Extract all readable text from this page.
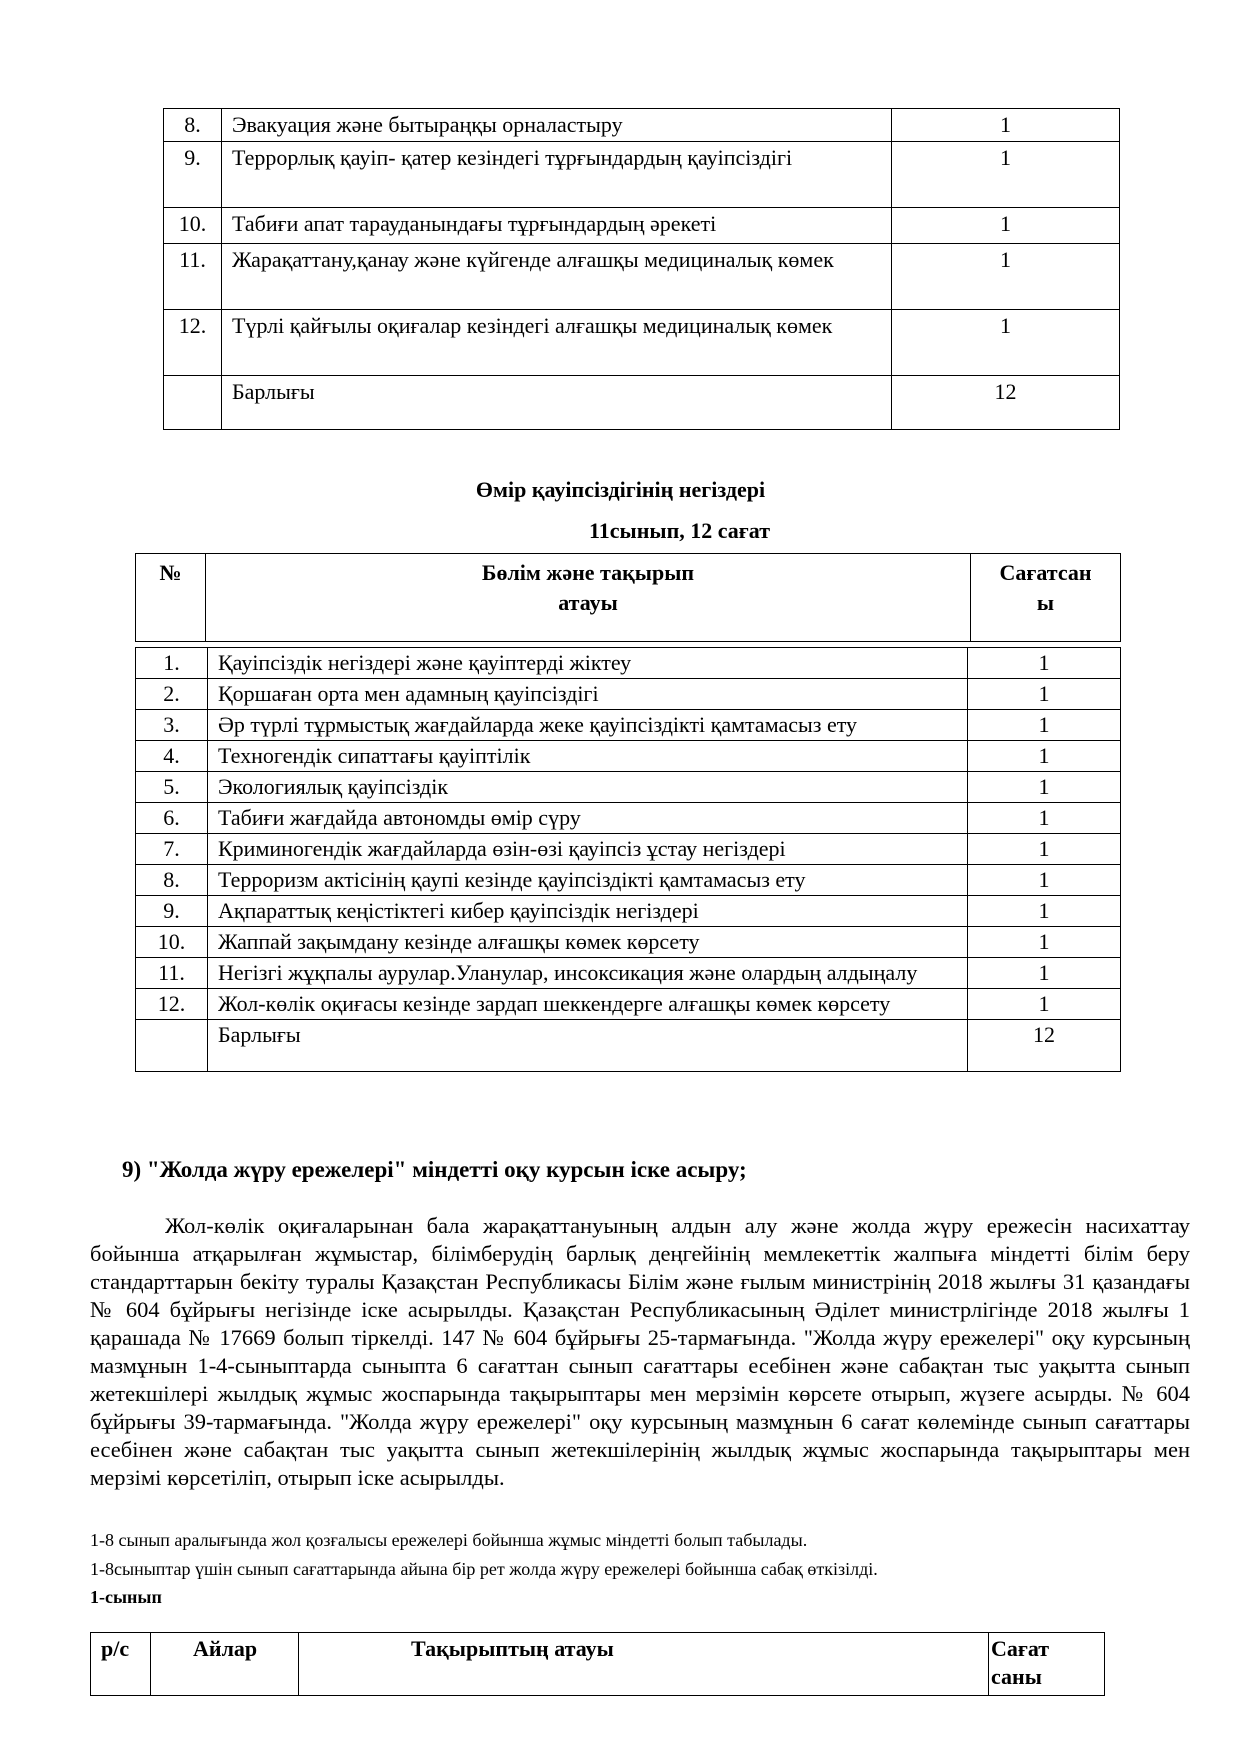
8.	Эвакуация және бытыраңқы орналастыру	1
9.	Террорлық қауіп- қатер кезіндегі тұрғындардың қауіпсіздігі	1
10.	Табиғи апат тарауданындағы тұрғындардың әрекеті	1
11.	Жарақаттану,қанау және күйгенде алғашқы медициналық көмек	1
12.	Түрлі қайғылы оқиғалар кезіндегі алғашқы медициналық көмек	1
	Барлығы	12
Өмір қауіпсіздігінің негіздері
11сынып, 12 сағат
№	Бөлім және тақырып атауы	Сағатсаны
1.	Қауіпсіздік негіздері және қауіптерді жіктеу	1
2.	Қоршаған орта мен адамның қауіпсіздігі	1
3.	Әр түрлі тұрмыстық жағдайларда жеке қауіпсіздікті қамтамасыз ету	1
4.	Техногендік сипаттағы қауіптілік	1
5.	Экологиялық қауіпсіздік	1
6.	Табиғи жағдайда автономды өмір сүру	1
7.	Криминогендік жағдайларда өзін-өзі қауіпсіз ұстау негіздері	1
8.	Терроризм актісінің қаупі кезінде қауіпсіздікті қамтамасыз ету	1
9.	Ақпараттық кеңістіктегі кибер қауіпсіздік негіздері	1
10.	Жаппай зақымдану кезінде алғашқы көмек көрсету	1
11.	Негізгі жұқпалы аурулар.Уланулар, инсоксикация және олардың алдыңалу	1
12.	Жол-көлік оқиғасы кезінде зардап шеккендерге алғашқы көмек көрсету	1
	Барлығы	12
9) "Жолда жүру ережелері" міндетті оқу курсын іске асыру;

Жол-көлік оқиғаларынан бала жарақаттануының алдын алу және жолда жүру ережесін насихаттау бойынша атқарылған жұмыстар, білімберудің барлық деңгейінің мемлекеттік жалпыға міндетті білім беру стандарттарын бекіту туралы Қазақстан Республикасы Білім және ғылым министрінің 2018 жылғы 31 қазандағы № 604 бұйрығы негізінде іске асырылды. Қазақстан Республикасының Әділет министрлігінде 2018 жылғы 1 қарашада № 17669 болып тіркелді. 147 № 604 бұйрығы 25-тармағында. "Жолда жүру ережелері" оқу курсының мазмұнын 1-4-сыныптарда сыныпта 6 сағаттан сынып сағаттары есебінен және сабақтан тыс уақытта сынып жетекшілері жылдық жұмыс жоспарында тақырыптары мен мерзімін көрсете отырып, жүзеге асырды. № 604 бұйрығы 39-тармағында. "Жолда жүру ережелері" оқу курсының мазмұнын 6 сағат көлемінде сынып сағаттары есебінен және сабақтан тыс уақытта сынып жетекшілерінің жылдық жұмыс жоспарында тақырыптары мен мерзімі көрсетіліп, отырып іске асырылды.

1-8 сынып аралығында жол қозғалысы ережелері бойынша жұмыс міндетті болып табылады.
1-8сыныптар үшін сынып сағаттарында айына бір рет жолда жүру ережелері бойынша сабақ өткізілді.
1-сынып
р/с	Айлар	Тақырыптың атауы	Сағат саны
